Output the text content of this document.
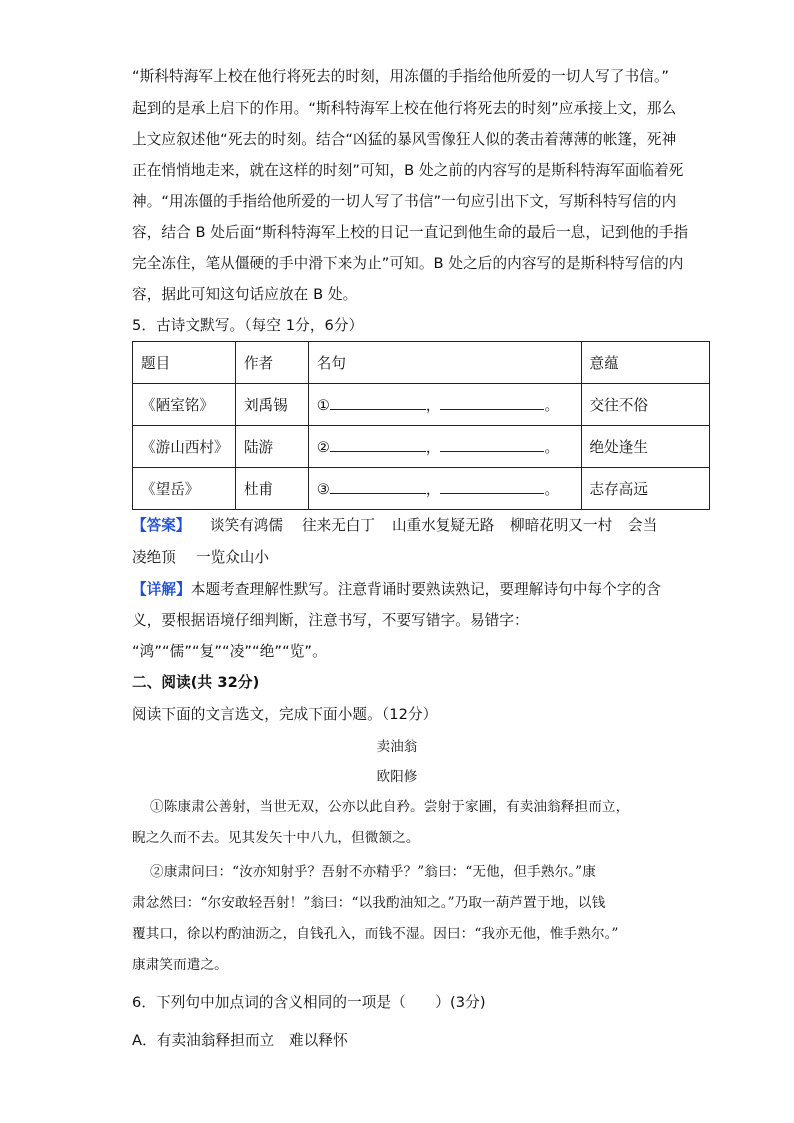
“斯科特海军上校在他行将死去的时刻，用冻僵的手指给他所爱的一切人写了书信。”
起到的是承上启下的作用。“斯科特海军上校在他行将死去的时刻”应承接上文，那么
上文应叙述他“死去的时刻。结合“凶猛的暴风雪像狂人似的袭击着薄薄的帐篷，死神
正在悄悄地走来，就在这样的时刻”可知，B 处之前的内容写的是斯科特海军面临着死
神。“用冻僵的手指给他所爱的一切人写了书信”一句应引出下文，写斯科特写信的内
容，结合 B 处后面“斯科特海军上校的日记一直记到他生命的最后一息，记到他的手指
完全冻住，笔从僵硬的手中滑下来为止”可知。B 处之后的内容写的是斯科特写信的内
容，据此可知这句话应放在 B 处。
5．古诗文默写。（每空 1分，6分）
题目	作者	名句	意蕴
《陋室铭》	刘禹锡	① ， 。	交往不俗
《游山西村》	陆游	② ， 。	绝处逢生
《望岳》	杜甫	③ ， 。	志存高远
【答案】 谈笑有鸿儒 往来无白丁 山重水复疑无路 柳暗花明又一村 会当
凌绝顶 一览众山小
【详解】本题考查理解性默写。注意背诵时要熟读熟记，要理解诗句中每个字的含
义，要根据语境仔细判断，注意书写，不要写错字。易错字：
“鸿”“儒”“复”“凌”“绝”“览”。
二、阅读(共 32分)
阅读下面的文言选文，完成下面小题。（12分）
卖油翁
欧阳修
①陈康肃公善射，当世无双，公亦以此自矜。尝射于家圃，有卖油翁释担而立，
睨之久而不去。见其发矢十中八九，但微颔之。
②康肃问曰：“汝亦知射乎？吾射不亦精乎？”翁曰：“无他，但手熟尔。”康
肃忿然曰：“尔安敢轻吾射！”翁曰：“以我酌油知之。”乃取一葫芦置于地，以钱
覆其口，徐以杓酌油沥之，自钱孔入，而钱不湿。因曰：“我亦无他，惟手熟尔。”
康肃笑而遣之。
6．下列句中加点词的含义相同的一项是（　　）(3分)
A．有卖油翁释担而立　难以释怀
